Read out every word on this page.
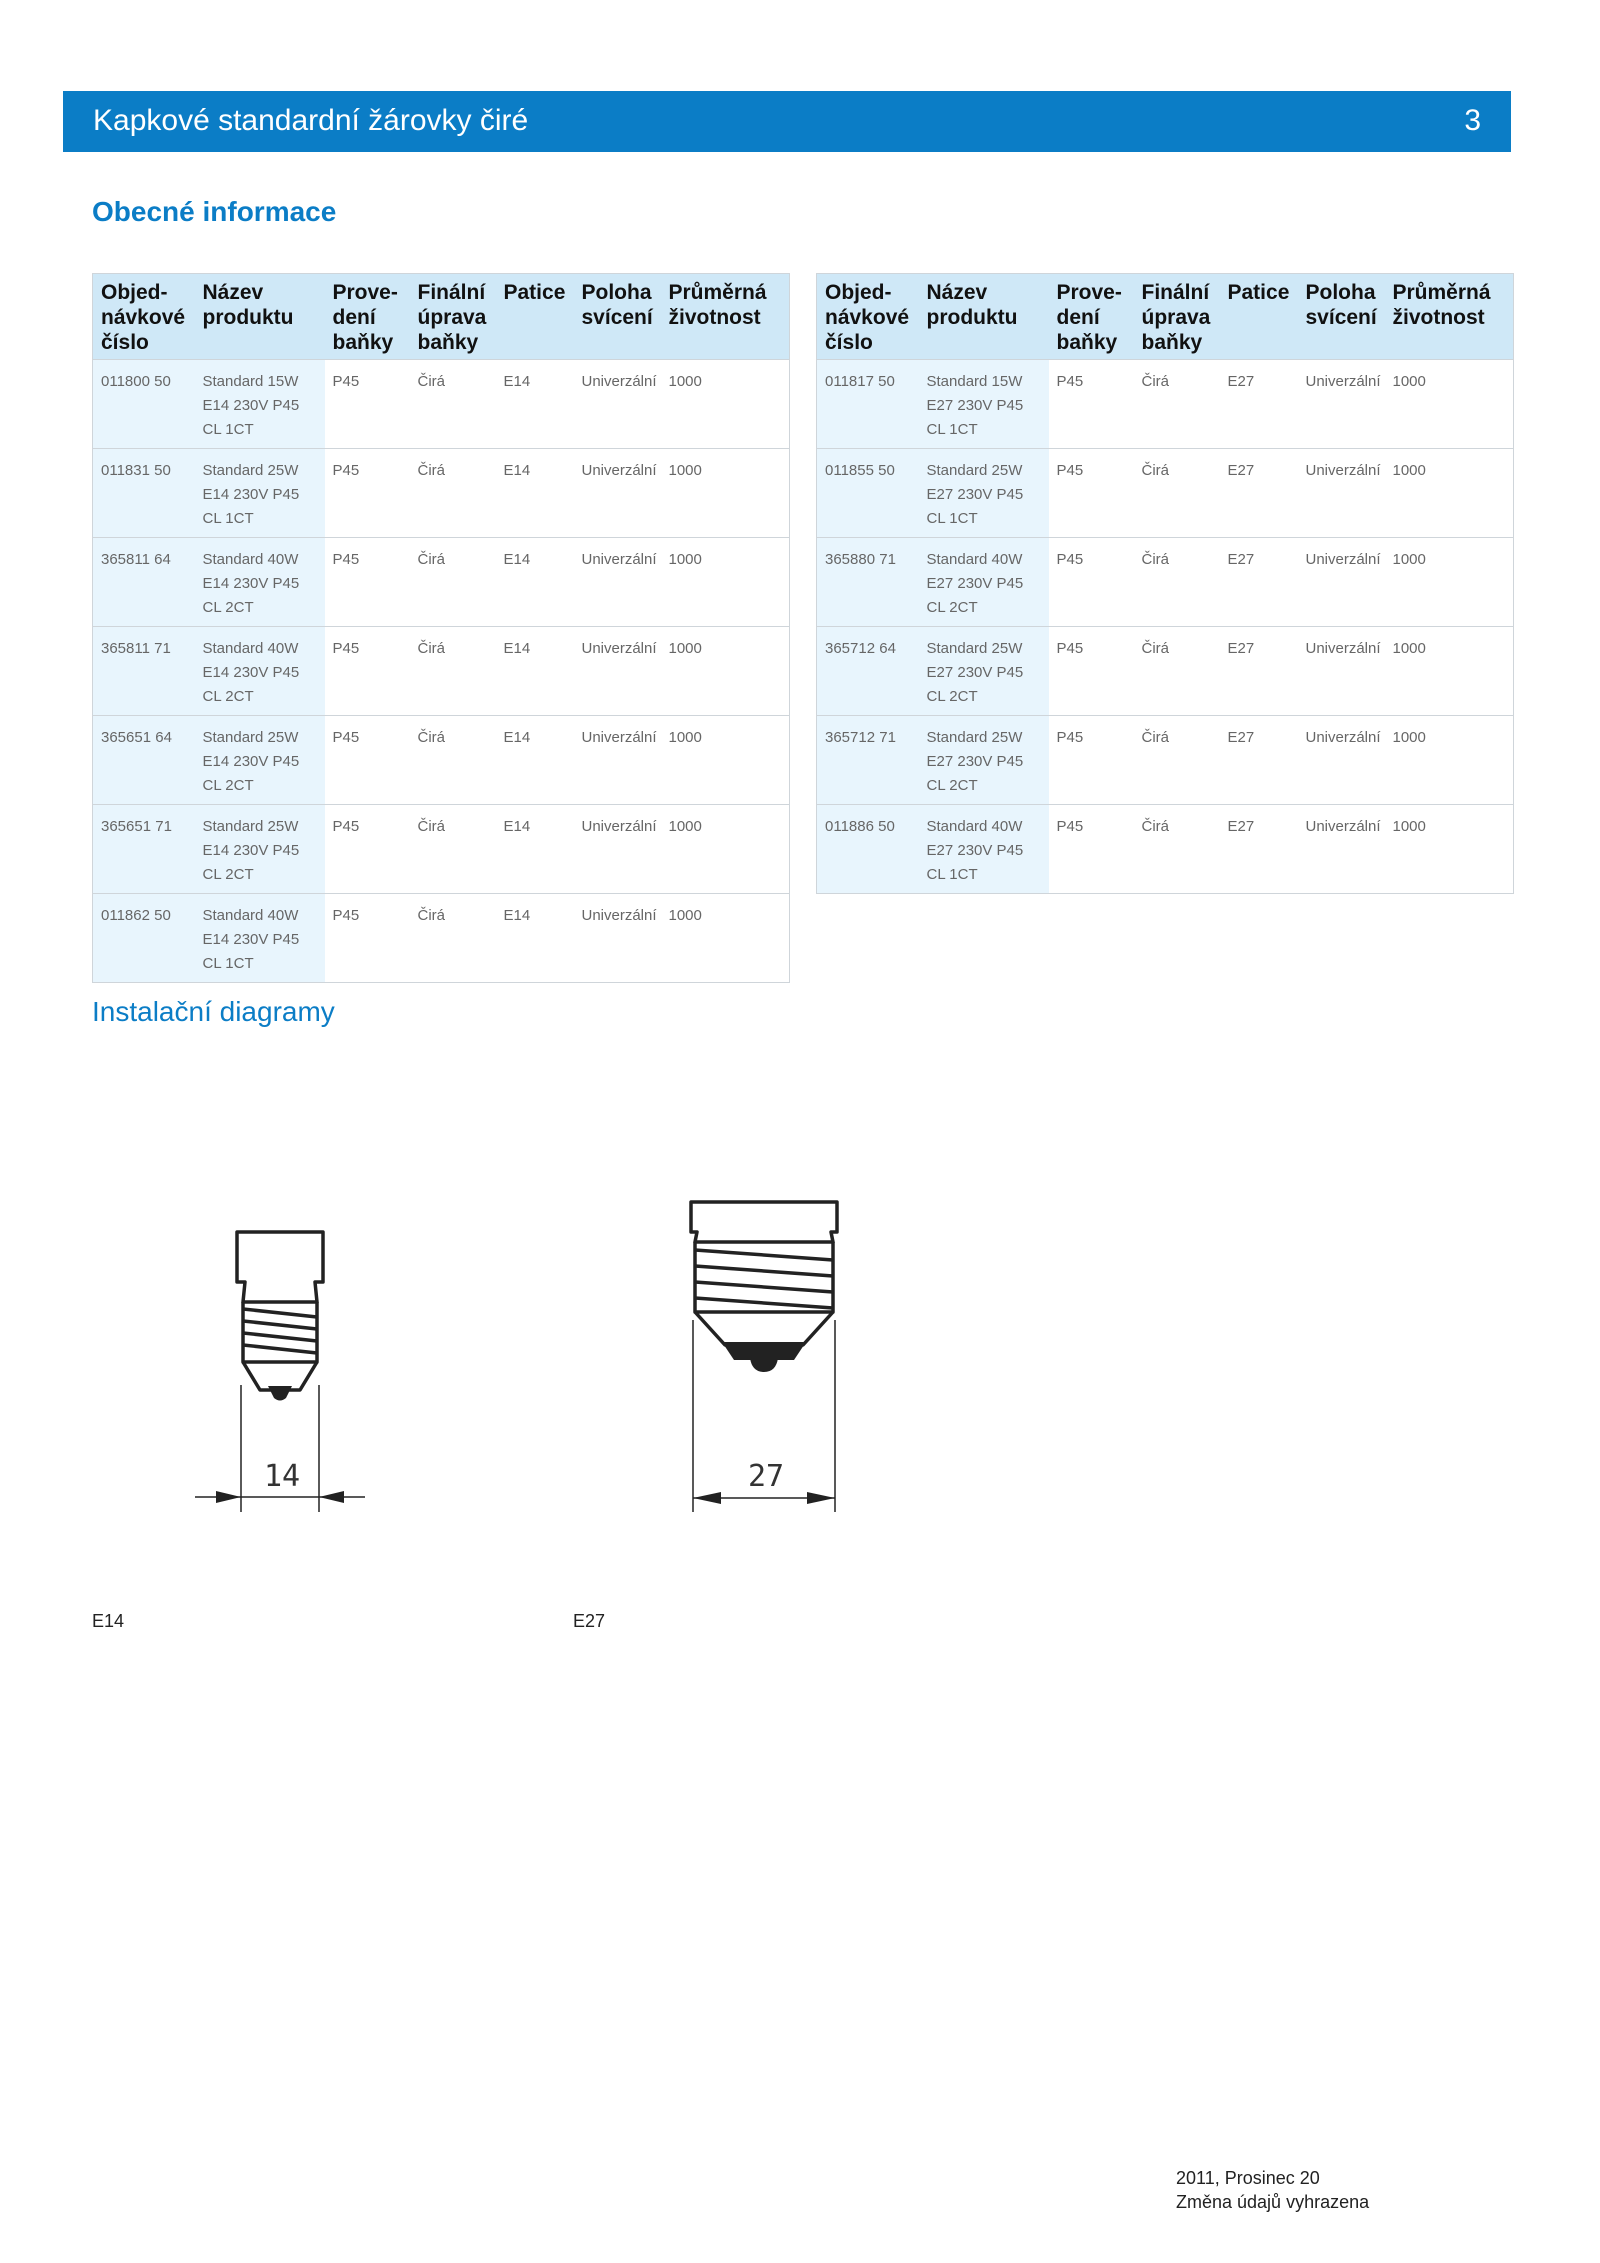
Kapkové standardní žárovky čiré	3
Obecné informace
Objed-
návkové
číslo	Název
produktu	Prove-
dení
baňky	Finální
úprava
baňky	Patice	Poloha
svícení	Průměrná
životnost
011800 50	Standard 15W
E14 230V P45
CL 1CT	P45	Čirá	E14	Univerzální	1000
011831 50	Standard 25W
E14 230V P45
CL 1CT	P45	Čirá	E14	Univerzální	1000
365811 64	Standard 40W
E14 230V P45
CL 2CT	P45	Čirá	E14	Univerzální	1000
365811 71	Standard 40W
E14 230V P45
CL 2CT	P45	Čirá	E14	Univerzální	1000
365651 64	Standard 25W
E14 230V P45
CL 2CT	P45	Čirá	E14	Univerzální	1000
365651 71	Standard 25W
E14 230V P45
CL 2CT	P45	Čirá	E14	Univerzální	1000
011862 50	Standard 40W
E14 230V P45
CL 1CT	P45	Čirá	E14	Univerzální	1000
Objed-
návkové
číslo	Název
produktu	Prove-
dení
baňky	Finální
úprava
baňky	Patice	Poloha
svícení	Průměrná
životnost
011817 50	Standard 15W
E27 230V P45
CL 1CT	P45	Čirá	E27	Univerzální	1000
011855 50	Standard 25W
E27 230V P45
CL 1CT	P45	Čirá	E27	Univerzální	1000
365880 71	Standard 40W
E27 230V P45
CL 2CT	P45	Čirá	E27	Univerzální	1000
365712 64	Standard 25W
E27 230V P45
CL 2CT	P45	Čirá	E27	Univerzální	1000
365712 71	Standard 25W
E27 230V P45
CL 2CT	P45	Čirá	E27	Univerzální	1000
011886 50	Standard 40W
E27 230V P45
CL 1CT	P45	Čirá	E27	Univerzální	1000
Instalační diagramy
14	27
E14	E27
2011, Prosinec 20
Změna údajů vyhrazena
